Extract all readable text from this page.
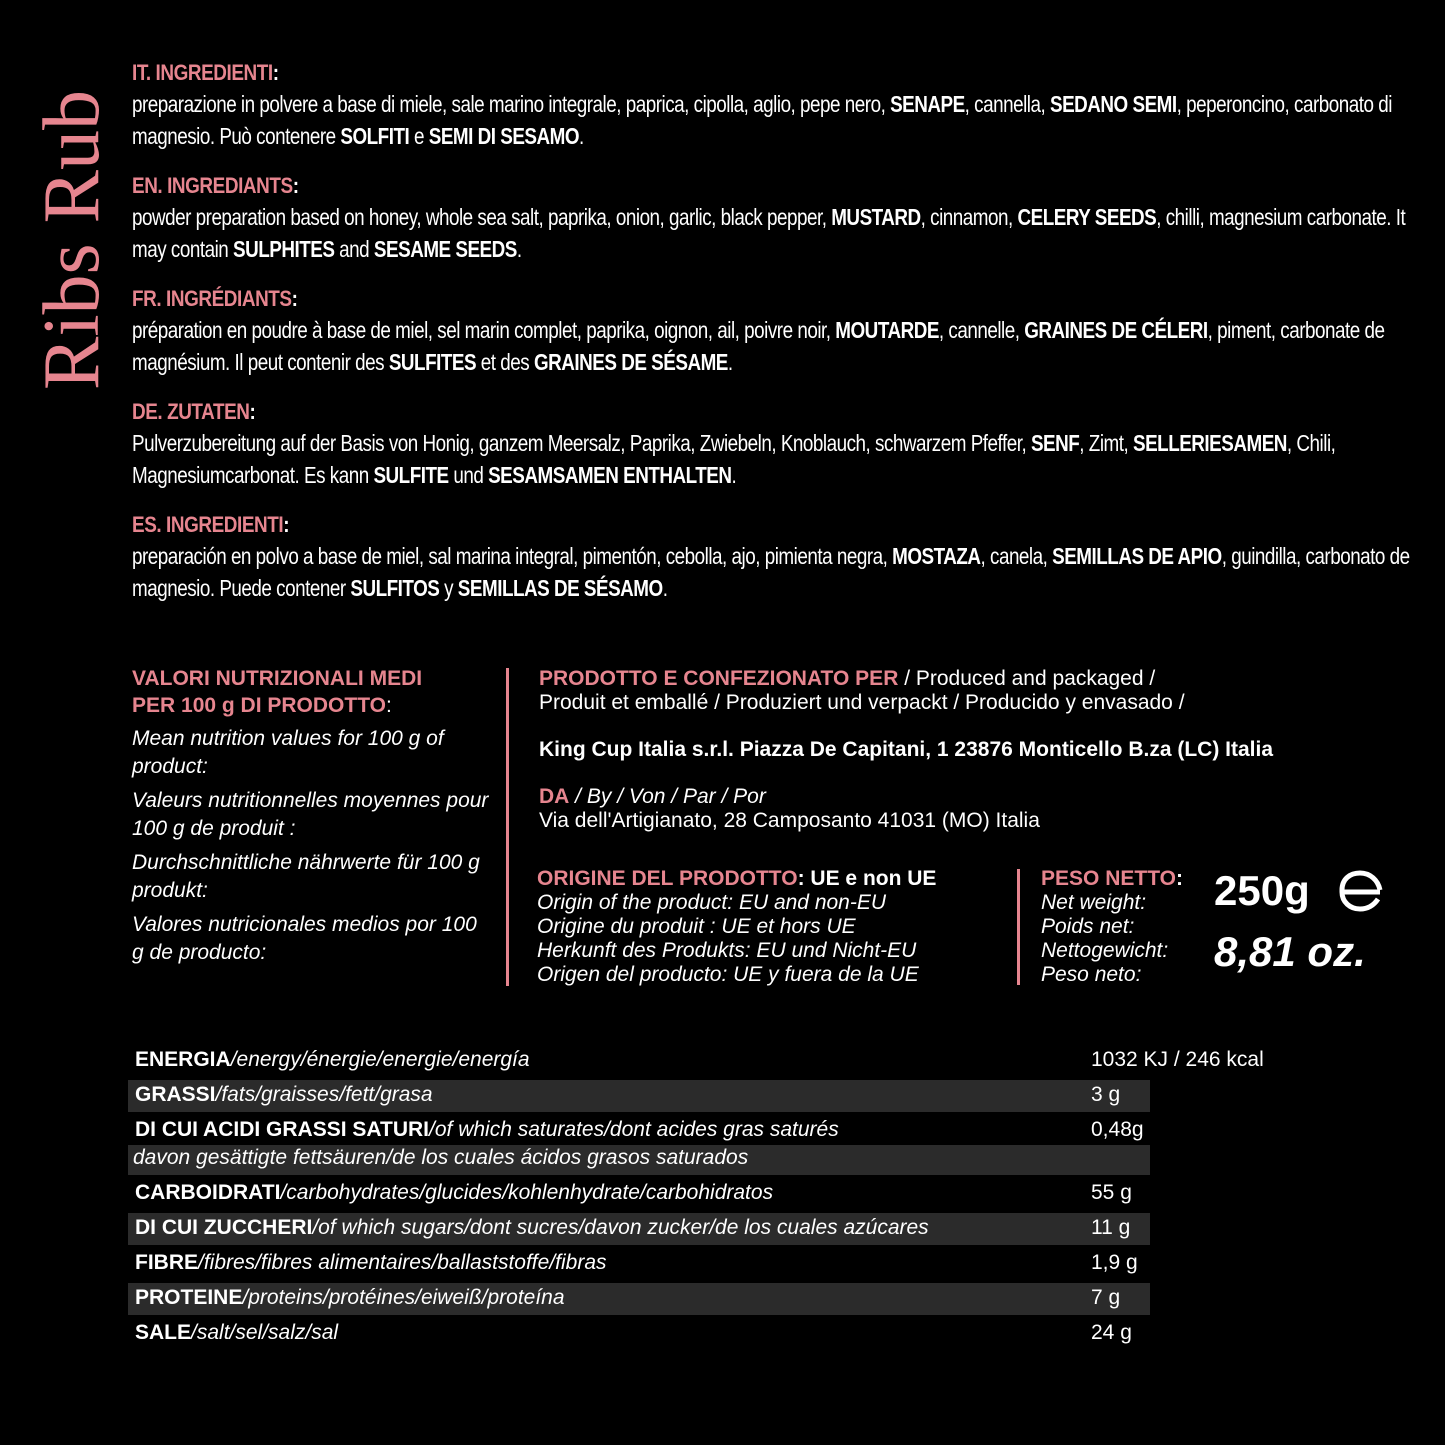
Ribs Rub
IT. INGREDIENTI:
preparazione in polvere a base di miele, sale marino integrale, paprica, cipolla, aglio, pepe nero, SENAPE, cannella, SEDANO SEMI, peperoncino, carbonato di magnesio. Può contenere SOLFITI e SEMI DI SESAMO.
EN. INGREDIANTS:
powder preparation based on honey, whole sea salt, paprika, onion, garlic, black pepper, MUSTARD, cinnamon, CELERY SEEDS, chilli, magnesium carbonate. It may contain SULPHITES and SESAME SEEDS.
FR. INGRÉDIANTS:
préparation en poudre à base de miel, sel marin complet, paprika, oignon, ail, poivre noir, MOUTARDE, cannelle, GRAINES DE CÉLERI, piment, carbonate de magnésium. Il peut contenir des SULFITES et des GRAINES DE SÉSAME.
DE. ZUTATEN:
Pulverzubereitung auf der Basis von Honig, ganzem Meersalz, Paprika, Zwiebeln, Knoblauch, schwarzem Pfeffer, SENF, Zimt, SELLERIESAMEN, Chili, Magnesiumcarbonat. Es kann SULFITE und SESAMSAMEN ENTHALTEN.
ES. INGREDIENTI:
preparación en polvo a base de miel, sal marina integral, pimentón, cebolla, ajo, pimienta negra, MOSTAZA, canela, SEMILLAS DE APIO, guindilla, carbonato de magnesio. Puede contener SULFITOS y SEMILLAS DE SÉSAMO.
VALORI NUTRIZIONALI MEDI
PER 100 g DI PRODOTTO:
Mean nutrition values for 100 g of product:
Valeurs nutritionnelles moyennes pour 100 g de produit :
Durchschnittliche nährwerte für 100 g produkt:
Valores nutricionales medios por 100 g de producto:
PRODOTTO E CONFEZIONATO PER / Produced and packaged /
Produit et emballé / Produziert und verpackt / Producido y envasado /
King Cup Italia s.r.l. Piazza De Capitani, 1 23876 Monticello B.za (LC) Italia
DA / By / Von / Par / Por
Via dell'Artigianato, 28 Camposanto 41031 (MO) Italia
ORIGINE DEL PRODOTTO: UE e non UE
Origin of the product: EU and non-EU
Origine du produit : UE et hors UE
Herkunft des Produkts: EU und Nicht-EU
Origen del producto: UE y fuera de la UE
PESO NETTO:
Net weight:
Poids net:
Nettogewicht:
Peso neto:
250g
8,81 oz.
ENERGIA/energy/énergie/energie/energía	1032 KJ / 246 kcal
GRASSI/fats/graisses/fett/grasa	3 g
DI CUI ACIDI GRASSI SATURI/of which saturates/dont acides gras saturés	0,48g
davon gesättigte fettsäuren/de los cuales ácidos grasos saturados
CARBOIDRATI/carbohydrates/glucides/kohlenhydrate/carbohidratos	55 g
DI CUI ZUCCHERI/of which sugars/dont sucres/davon zucker/de los cuales azúcares	11 g
FIBRE/fibres/fibres alimentaires/ballaststoffe/fibras	1,9 g
PROTEINE/proteins/protéines/eiweiß/proteína	7 g
SALE/salt/sel/salz/sal	24 g
